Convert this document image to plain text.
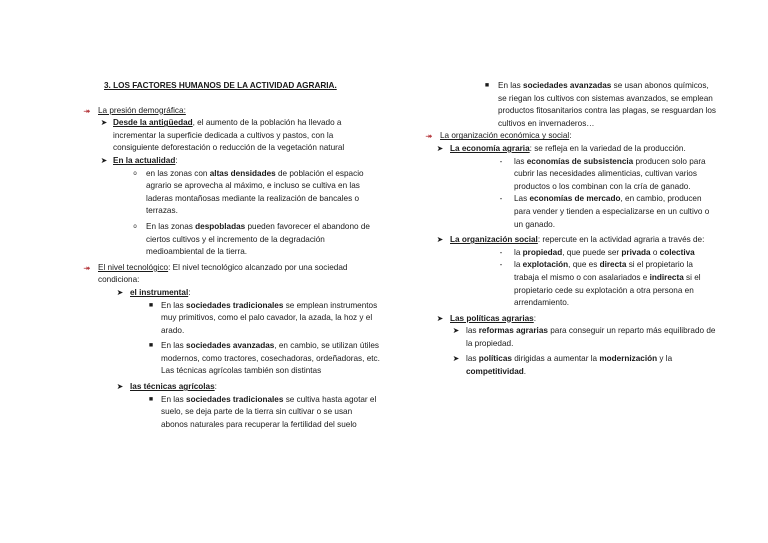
3. LOS FACTORES HUMANOS DE LA ACTIVIDAD AGRARIA.
⯮ La presión demográfica:
➤ Desde la antigüedad, el aumento de la población ha llevado a incrementar la superficie dedicada a cultivos y pastos, con la consiguiente deforestación o reducción de la vegetación natural
➤ En la actualidad:
o	en las zonas con altas densidades de población el espacio agrario se aprovecha al máximo, e incluso se cultiva en las laderas montañosas mediante la realización de bancales o terrazas.
o	En las zonas despobladas pueden favorecer el abandono de ciertos cultivos y el incremento de la degradación medioambiental de la tierra.
⯮ El nivel tecnológico: El nivel tecnológico alcanzado por una sociedad condiciona:
➤ el instrumental:
■ En las sociedades tradicionales se emplean instrumentos muy primitivos, como el palo cavador, la azada, la hoz y el arado.
■ En las sociedades avanzadas, en cambio, se utilizan útiles modernos, como tractores, cosechadoras, ordeñadoras, etc. Las técnicas agrícolas también son distintas
➤ las técnicas agrícolas:
■ En las sociedades tradicionales se cultiva hasta agotar el suelo, se deja parte de la tierra sin cultivar o se usan abonos naturales para recuperar la fertilidad del suelo
■	En las sociedades avanzadas se usan abonos químicos, se riegan los cultivos con sistemas avanzados, se emplean productos fitosanitarios contra las plagas, se resguardan los cultivos en invernaderos…
⯮ La organización económica y social:
➤ La economía agraria: se refleja en la variedad de la producción.
-	las economías de subsistencia producen solo para cubrir las necesidades alimenticias, cultivan varios productos o los combinan con la cría de ganado.
-	Las economías de mercado, en cambio, producen para vender y tienden a especializarse en un cultivo o un ganado.
➤ La organización social: repercute en la actividad agraria a través de:
-	la propiedad, que puede ser privada o colectiva
-	la explotación, que es directa si el propietario la trabaja el mismo o con asalariados e indirecta si el propietario cede su explotación a otra persona en arrendamiento.
➤ Las políticas agrarias:
➤ las reformas agrarias para conseguir un reparto más equilibrado de la propiedad.
➤ las políticas dirigidas a aumentar la modernización y la competitividad.
